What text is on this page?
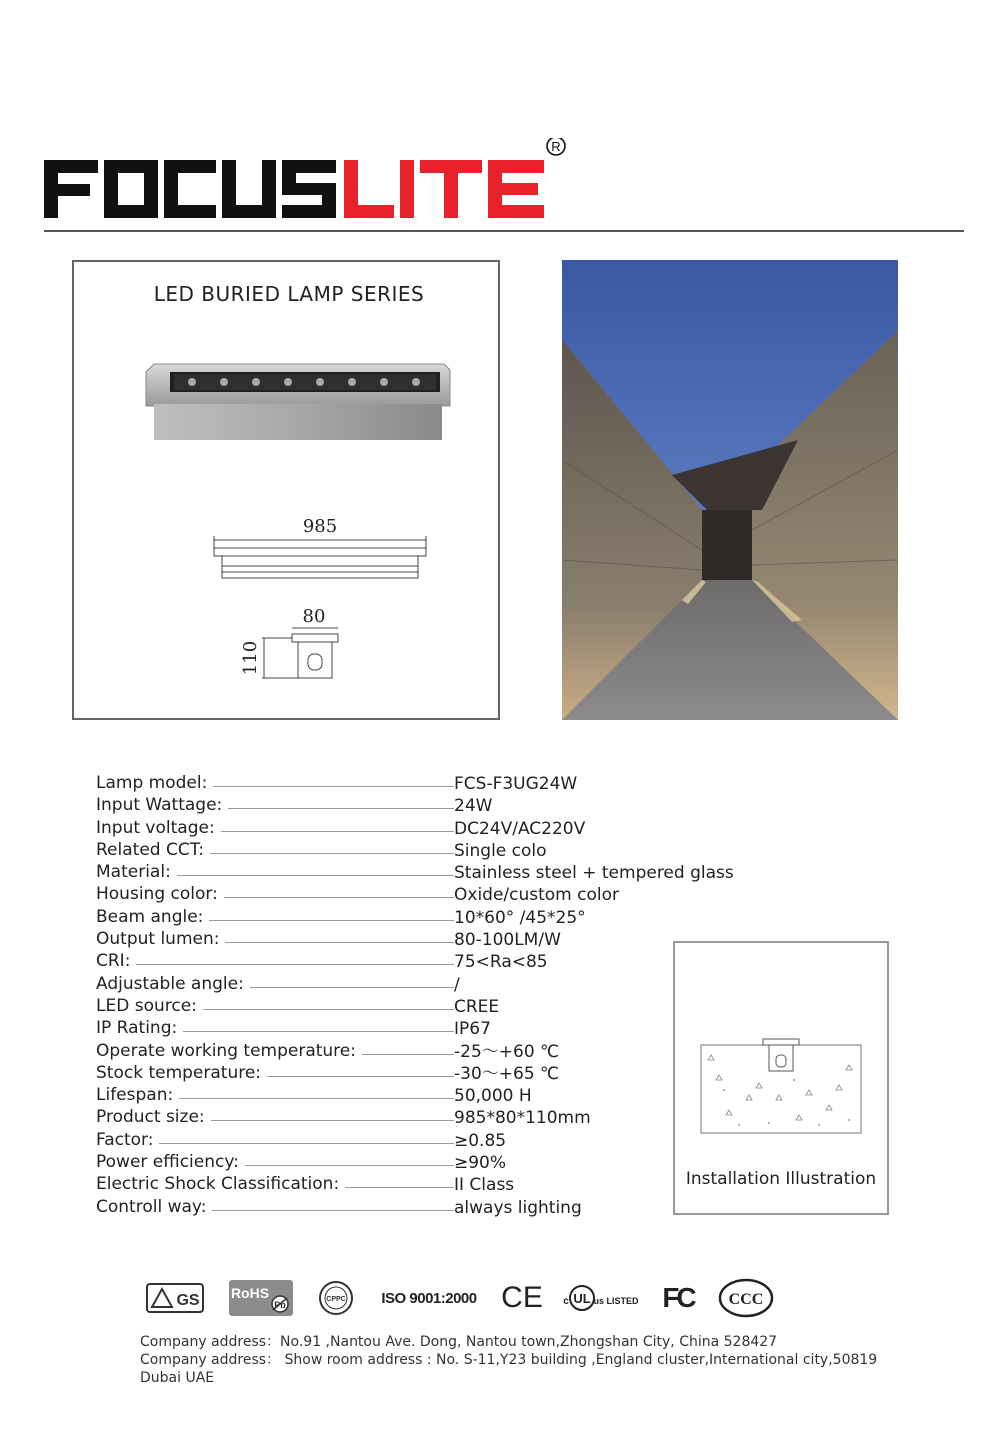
R
LED BURIED LAMP SERIES
985
80
110
Lamp model:	FCS-F3UG24W
Input Wattage:	24W
Input voltage:	DC24V/AC220V
Related CCT:	Single colo
Material:	Stainless steel + tempered glass
Housing color:	Oxide/custom color
Beam angle:	10*60° /45*25°
Output lumen:	80-100LM/W
CRI:	75<Ra<85
Adjustable angle:	/
LED source:	CREE
IP Rating:	IP67
Operate working temperature:	-25～+60 ℃
Stock temperature:	-30～+65 ℃
Lifespan:	50,000 H
Product size:	985*80*110mm
Factor:	≥0.85
Power efficiency:	≥90%
Electric Shock Classification:	II Class
Controll way:	always lighting
Installation Illustration
GS RoHS
Pb
CPPC	ISO 9001:2000 CE c UL us LISTED FC	CCC
Company address：No.91 ,Nantou Ave. Dong, Nantou town,Zhongshan City, China 528427
Company address： Show room address : No. S-11,Y23 building ,England cluster,International city,50819 Dubai UAE
